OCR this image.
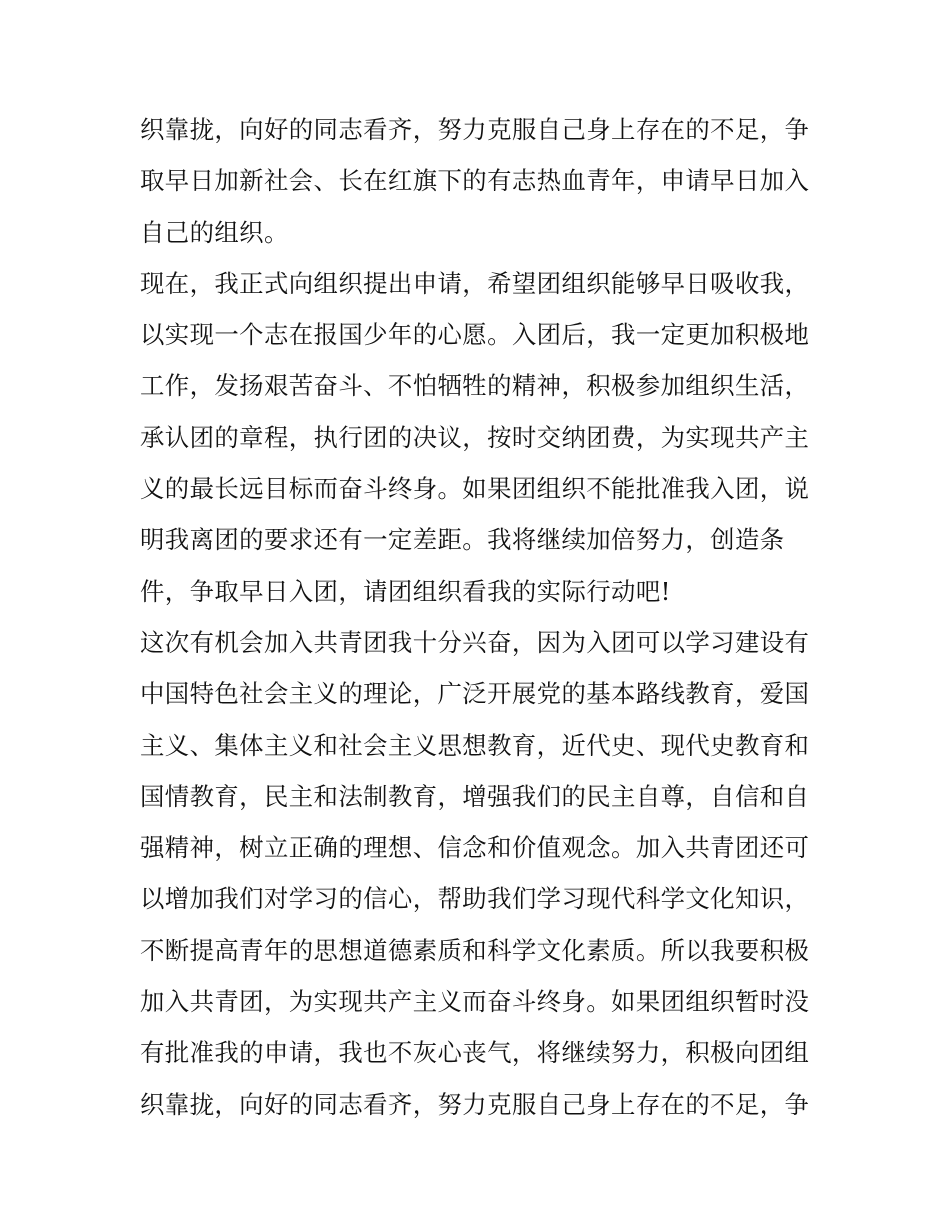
织靠拢，向好的同志看齐，努力克服自己身上存在的不足，争
取早日加新社会、长在红旗下的有志热血青年，申请早日加入
自己的组织。
现在，我正式向组织提出申请，希望团组织能够早日吸收我，
以实现一个志在报国少年的心愿。入团后，我一定更加积极地
工作，发扬艰苦奋斗、不怕牺牲的精神，积极参加组织生活，
承认团的章程，执行团的决议，按时交纳团费，为实现共产主
义的最长远目标而奋斗终身。如果团组织不能批准我入团，说
明我离团的要求还有一定差距。我将继续加倍努力，创造条
件，争取早日入团，请团组织看我的实际行动吧!
这次有机会加入共青团我十分兴奋，因为入团可以学习建设有
中国特色社会主义的理论，广泛开展党的基本路线教育，爱国
主义、集体主义和社会主义思想教育，近代史、现代史教育和
国情教育，民主和法制教育，增强我们的民主自尊，自信和自
强精神，树立正确的理想、信念和价值观念。加入共青团还可
以增加我们对学习的信心，帮助我们学习现代科学文化知识，
不断提高青年的思想道德素质和科学文化素质。所以我要积极
加入共青团，为实现共产主义而奋斗终身。如果团组织暂时没
有批准我的申请，我也不灰心丧气，将继续努力，积极向团组
织靠拢，向好的同志看齐，努力克服自己身上存在的不足，争
